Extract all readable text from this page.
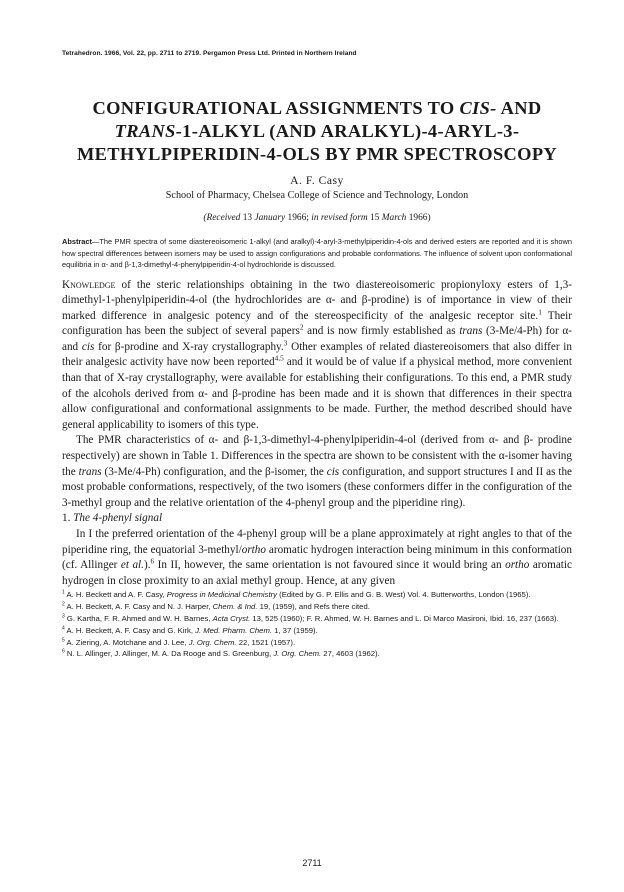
Tetrahedron. 1966, Vol. 22, pp. 2711 to 2719. Pergamon Press Ltd. Printed in Northern Ireland
CONFIGURATIONAL ASSIGNMENTS TO CIS- AND
TRANS-1-ALKYL (AND ARALKYL)-4-ARYL-3-
METHYLPIPERIDIN-4-OLS BY PMR SPECTROSCOPY
A. F. Casy
School of Pharmacy, Chelsea College of Science and Technology, London
(Received 13 January 1966; in revised form 15 March 1966)
Abstract—The PMR spectra of some diastereoisomeric 1-alkyl (and aralkyl)-4-aryl-3-methylpiperidin-4-ols and derived esters are reported and it is shown how spectral differences between isomers may be used to assign configurations and probable conformations. The influence of solvent upon conformational equilibria in α- and β-1,3-dimethyl-4-phenylpiperidin-4-ol hydrochloride is discussed.

Knowledge of the steric relationships obtaining in the two diastereoisomeric propionyloxy esters of 1,3-dimethyl-1-phenylpiperidin-4-ol (the hydrochlorides are α- and β-prodine) is of importance in view of their marked difference in analgesic potency and of the stereospecificity of the analgesic receptor site.$^1$ Their configuration has been the subject of several papers$^2$ and is now firmly established as trans (3-Me/4-Ph) for α- and cis for β-prodine and X-ray crystallography.$^3$ Other examples of related diastereoisomers that also differ in their analgesic activity have now been reported$^{4,5}$ and it would be of value if a physical method, more convenient than that of X-ray crystallography, were available for establishing their configurations. To this end, a PMR study of the alcohols derived from α- and β-prodine has been made and it is shown that differences in their spectra allow configurational and conformational assignments to be made. Further, the method described should have general applicability to isomers of this type.

The PMR characteristics of α- and β-1,3-dimethyl-4-phenylpiperidin-4-ol (derived from α- and β- prodine respectively) are shown in Table 1. Differences in the spectra are shown to be consistent with the α-isomer having the trans (3-Me/4-Ph) configuration, and the β-isomer, the cis configuration, and support structures I and II as the most probable conformations, respectively, of the two isomers (these conformers differ in the configuration of the 3-methyl group and the relative orientation of the 4-phenyl group and the piperidine ring).

1. The 4-phenyl signal

In I the preferred orientation of the 4-phenyl group will be a plane approximately at right angles to that of the piperidine ring, the equatorial 3-methyl/ortho aromatic hydrogen interaction being minimum in this conformation (cf. Allinger et al.).$^6$ In II, however, the same orientation is not favoured since it would bring an ortho aromatic hydrogen in close proximity to an axial methyl group. Hence, at any given

$^1$ A. H. Beckett and A. F. Casy, Progress in Medicinal Chemistry (Edited by G. P. Ellis and G. B. West) Vol. 4. Butterworths, London (1965).
$^2$ A. H. Beckett, A. F. Casy and N. J. Harper, Chem. & Ind. 19, (1959), and Refs there cited.
$^3$ G. Kartha, F. R. Ahmed and W. H. Barnes, Acta Cryst. 13, 525 (1960); F. R. Ahmed, W. H. Barnes and L. Di Marco Masironi, Ibid. 16, 237 (1663).
$^4$ A. H. Beckett, A. F. Casy and G. Kirk, J. Med. Pharm. Chem. 1, 37 (1959).
$^5$ A. Ziering, A. Motchane and J. Lee, J. Org. Chem. 22, 1521 (1957).
$^6$ N. L. Allinger, J. Allinger, M. A. Da Rooge and S. Greenburg, J. Org. Chem. 27, 4603 (1962).
2711
